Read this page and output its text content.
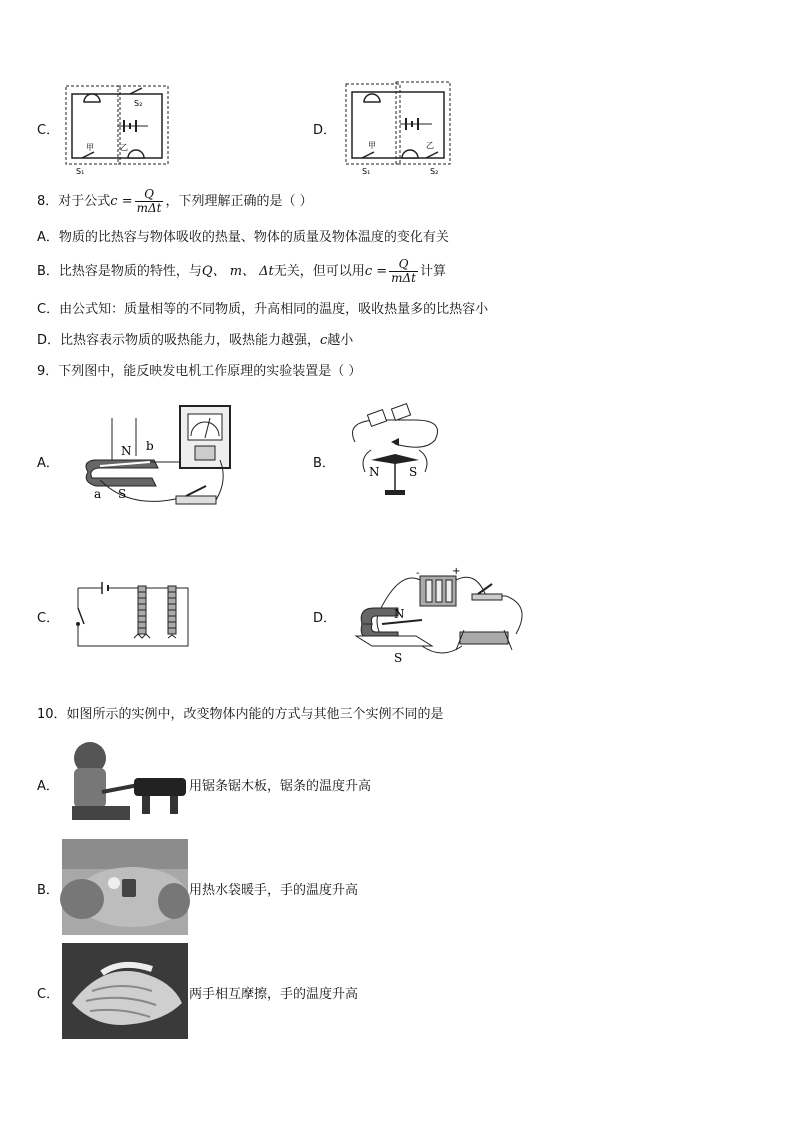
C．
S₂
甲	乙
S₁
D．
甲	乙
S₁	S₂
8．对于公式$c = \frac{Q}{\text{mΔt}}$ ，下列理解正确的是（ ）
A．物质的比热容与物体吸收的热量、物体的质量及物体温度的变化有关
B．比热容是物质的特性，与Q、 m、 Δt无关，但可以用$c = \frac{Q}{\text{mΔt}}$ 计算
C．由公式知：质量相等的不同物质，升高相同的温度，吸收热量多的比热容小
D．比热容表示物质的吸热能力，吸热能力越强，c越小
9．下列图中，能反映发电机工作原理的实验装置是（ ）
A．
N b
a S
B．
N S
C．	D．	N
S
-	+
10．如图所示的实例中，改变物体内能的方式与其他三个实例不同的是
A．	用锯条锯木板，锯条的温度升高
B．	用热水袋暖手，手的温度升高
C．	两手相互摩擦，手的温度升高
